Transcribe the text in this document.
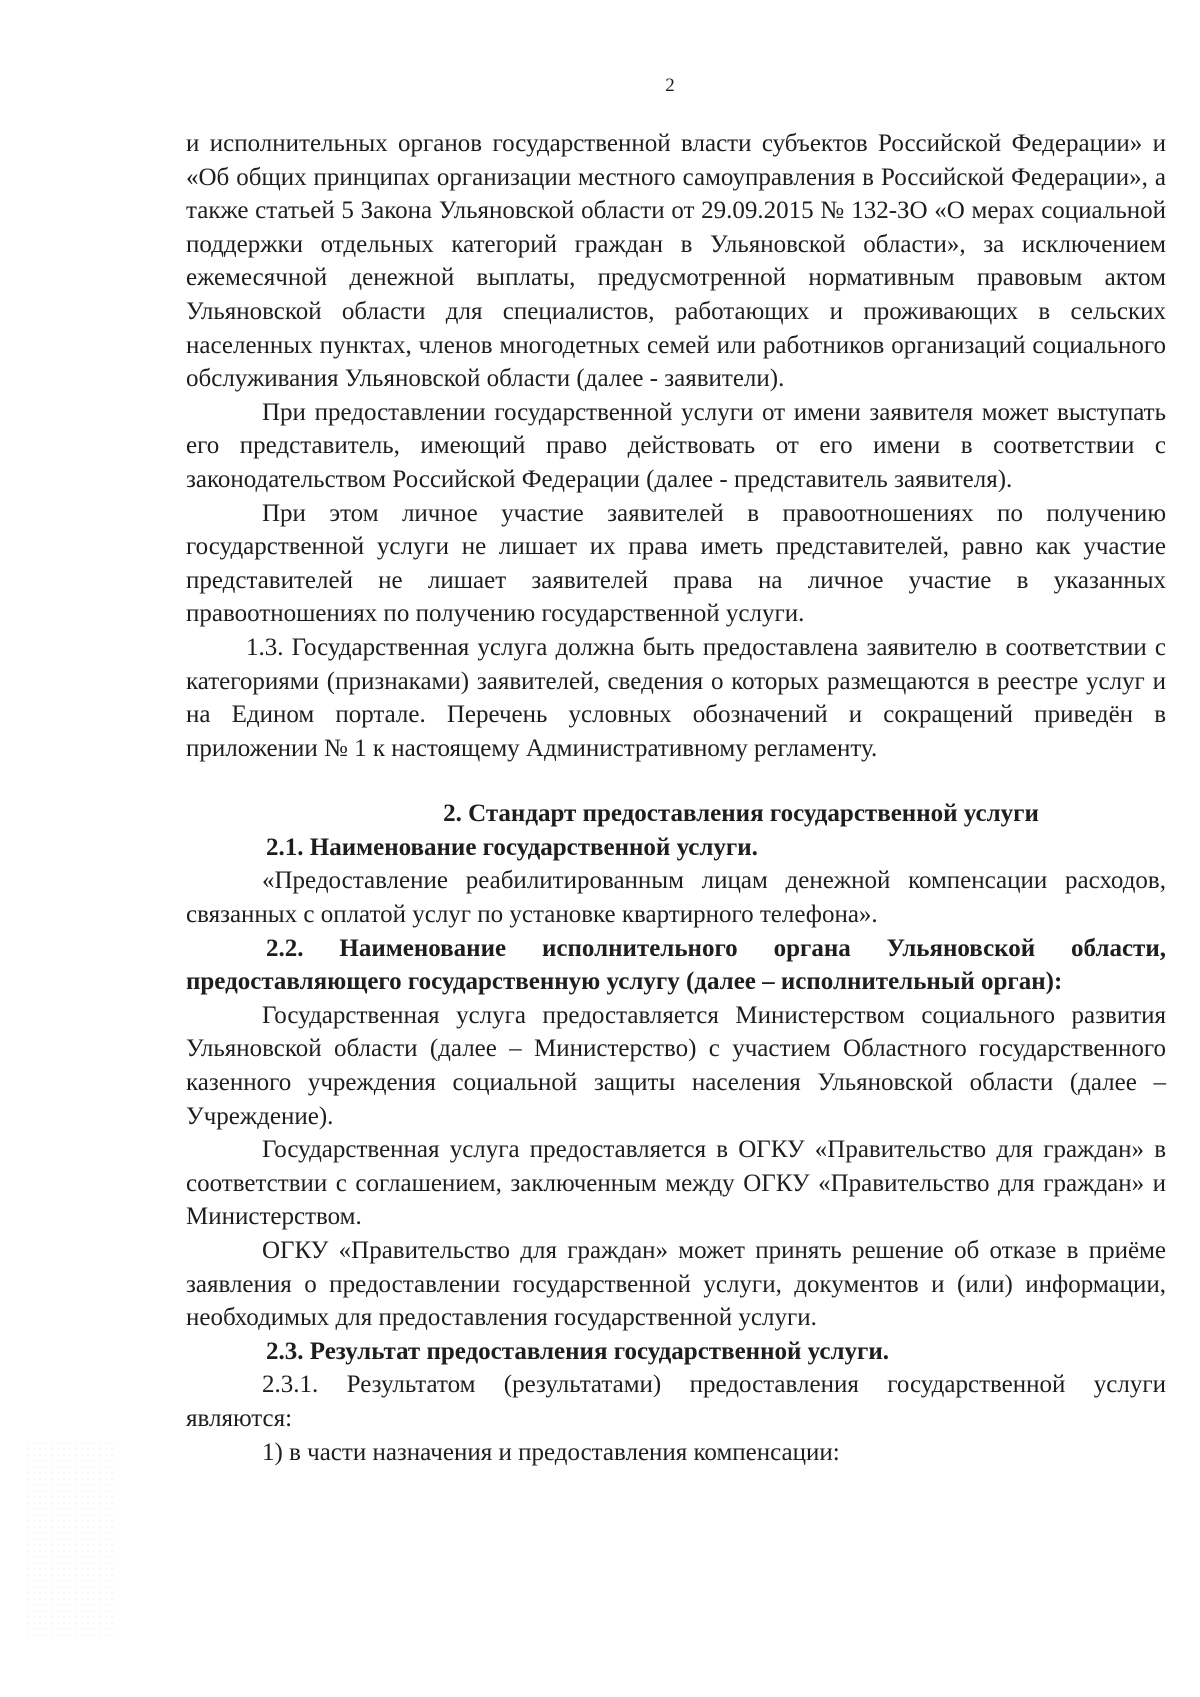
2

и исполнительных органов государственной власти субъектов Российской Федерации» и «Об общих принципах организации местного самоуправления в Российской Федерации», а также статьей 5 Закона Ульяновской области от 29.09.2015 № 132-ЗО «О мерах социальной поддержки отдельных категорий граждан в Ульяновской области», за исключением ежемесячной денежной выплаты, предусмотренной нормативным правовым актом Ульяновской области для специалистов, работающих и проживающих в сельских населенных пунктах, членов многодетных семей или работников организаций социального обслуживания Ульяновской области (далее - заявители).

При предоставлении государственной услуги от имени заявителя может выступать его представитель, имеющий право действовать от его имени в соответствии с законодательством Российской Федерации (далее - представитель заявителя).

При этом личное участие заявителей в правоотношениях по получению государственной услуги не лишает их права иметь представителей, равно как участие представителей не лишает заявителей права на личное участие в указанных правоотношениях по получению государственной услуги.

1.3. Государственная услуга должна быть предоставлена заявителю в соответствии с категориями (признаками) заявителей, сведения о которых размещаются в реестре услуг и на Едином портале. Перечень условных обозначений и сокращений приведён в приложении № 1 к настоящему Административному регламенту.

2. Стандарт предоставления государственной услуги

2.1. Наименование государственной услуги.

«Предоставление реабилитированным лицам денежной компенсации расходов, связанных с оплатой услуг по установке квартирного телефона».

2.2. Наименование исполнительного органа Ульяновской области, предоставляющего государственную услугу (далее – исполнительный орган):

Государственная услуга предоставляется Министерством социального развития Ульяновской области (далее – Министерство) с участием Областного государственного казенного учреждения социальной защиты населения Ульяновской области (далее – Учреждение).

Государственная услуга предоставляется в ОГКУ «Правительство для граждан» в соответствии с соглашением, заключенным между ОГКУ «Правительство для граждан» и Министерством.

ОГКУ «Правительство для граждан» может принять решение об отказе в приёме заявления о предоставлении государственной услуги, документов и (или) информации, необходимых для предоставления государственной услуги.

2.3. Результат предоставления государственной услуги.

2.3.1. Результатом (результатами) предоставления государственной услуги являются:

1) в части назначения и предоставления компенсации:
